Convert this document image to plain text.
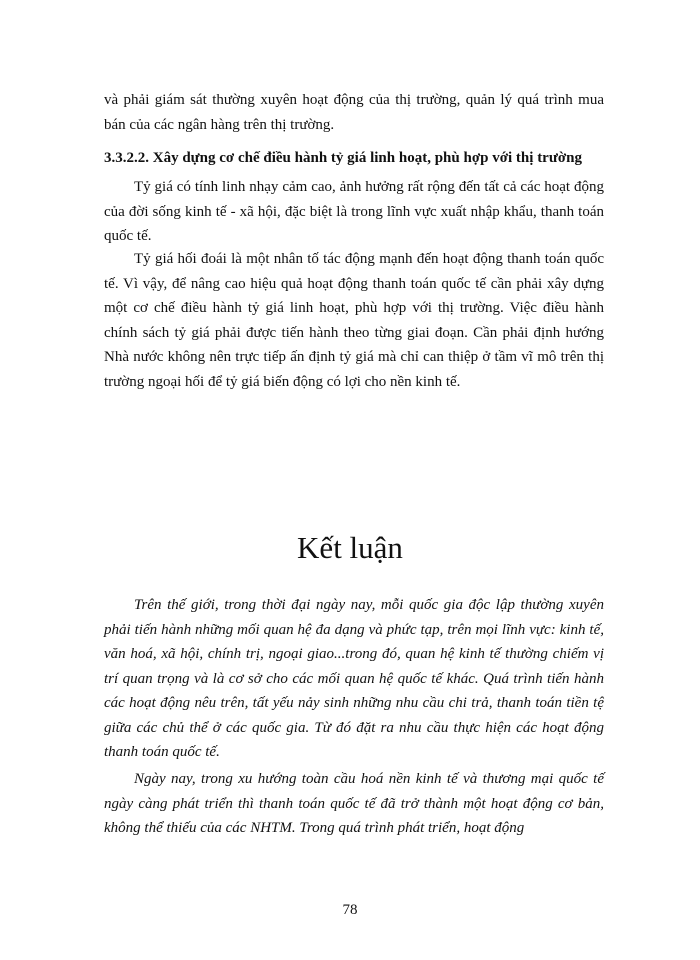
và phải giám sát thường xuyên hoạt động của thị trường, quản lý quá trình mua bán của các ngân hàng trên thị trường.

3.3.2.2. Xây dựng cơ chế điều hành tỷ giá linh hoạt, phù hợp với thị trường

Tỷ giá có tính linh nhạy cảm cao, ảnh hưởng rất rộng đến tất cả các hoạt động của đời sống kinh tế - xã hội, đặc biệt là trong lĩnh vực xuất nhập khẩu, thanh toán quốc tế.

Tỷ giá hối đoái là một nhân tố tác động mạnh đến hoạt động thanh toán quốc tế. Vì vậy, để nâng cao hiệu quả hoạt động thanh toán quốc tế cần phải xây dựng một cơ chế điều hành tỷ giá linh hoạt, phù hợp với thị trường. Việc điều hành chính sách tỷ giá phải được tiến hành theo từng giai đoạn. Cần phải định hướng Nhà nước không nên trực tiếp ấn định tỷ giá mà chỉ can thiệp ở tầm vĩ mô trên thị trường ngoại hối để tỷ giá biến động có lợi cho nền kinh tế.

Kết luận

Trên thế giới, trong thời đại ngày nay, mỗi quốc gia độc lập thường xuyên phải tiến hành những mối quan hệ đa dạng và phức tạp, trên mọi lĩnh vực: kinh tế, văn hoá, xã hội, chính trị, ngoại giao...trong đó, quan hệ kinh tế thường chiếm vị trí quan trọng và là cơ sở cho các mối quan hệ quốc tế khác. Quá trình tiến hành các hoạt động nêu trên, tất yếu nảy sinh những nhu cầu chi trả, thanh toán tiền tệ giữa các chủ thể ở các quốc gia. Từ đó đặt ra nhu cầu thực hiện các hoạt động thanh toán quốc tế.

Ngày nay, trong xu hướng toàn cầu hoá nền kinh tế và thương mại quốc tế ngày càng phát triển thì thanh toán quốc tế đã trở thành một hoạt động cơ bản, không thể thiếu của các NHTM. Trong quá trình phát triển, hoạt động

78
